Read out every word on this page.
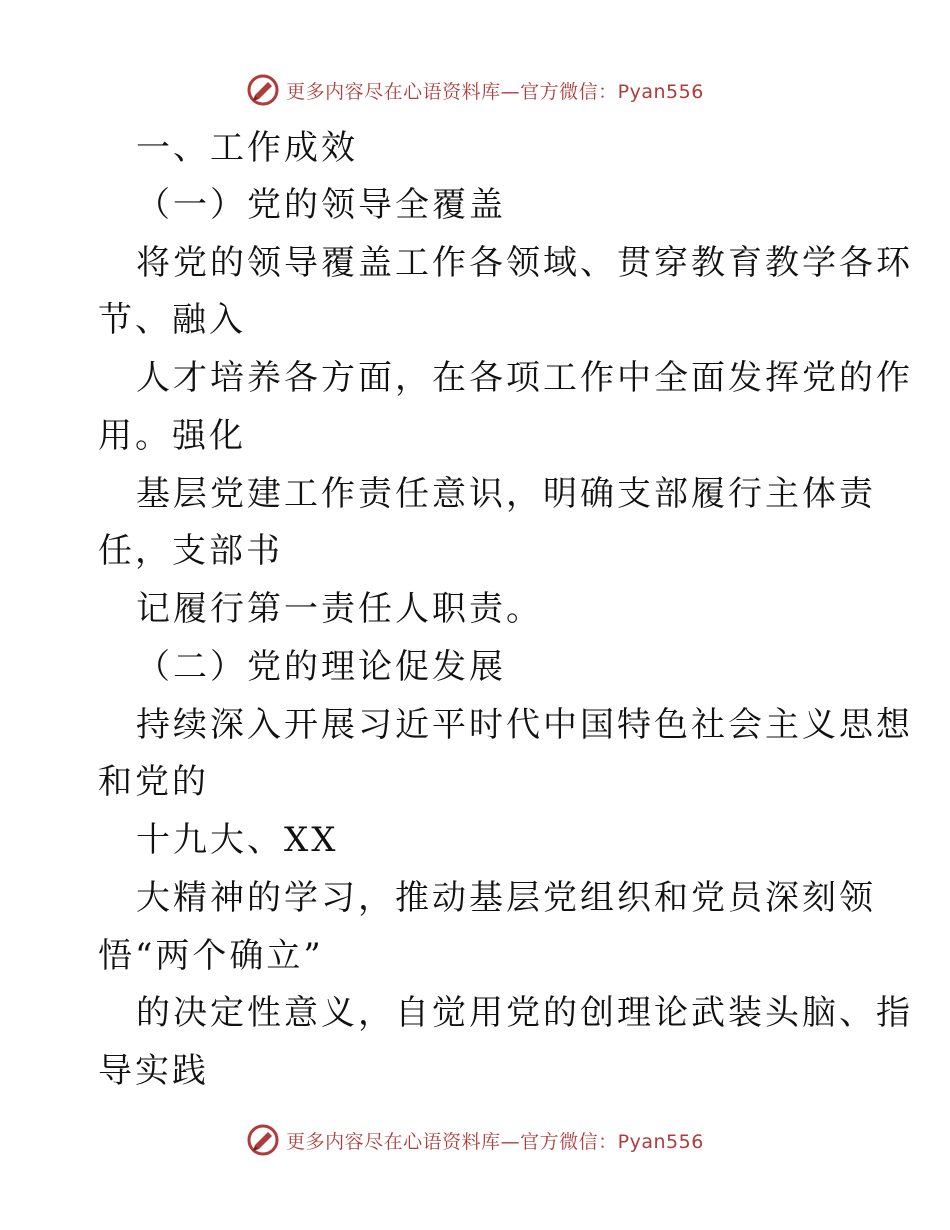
更多内容尽在心语资料库—官方微信：Pyan556
一、工作成效
（一）党的领导全覆盖
将党的领导覆盖工作各领域、贯穿教育教学各环
节、融入
人才培养各方面，在各项工作中全面发挥党的作
用。强化
基层党建工作责任意识，明确支部履行主体责
任，支部书
记履行第一责任人职责。
（二）党的理论促发展
持续深入开展习近平时代中国特色社会主义思想
和党的
十九大、XX
大精神的学习，推动基层党组织和党员深刻领
悟“两个确立”
的决定性意义，自觉用党的创理论武装头脑、指
导实践
更多内容尽在心语资料库—官方微信：Pyan556
